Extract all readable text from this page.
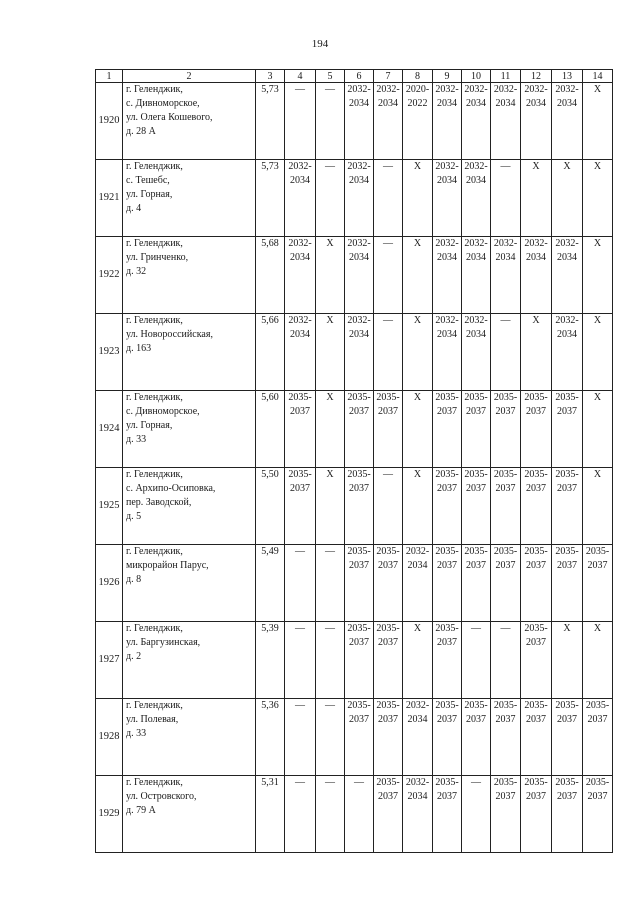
194
1	2	3	4	5	6	7	8	9	10	11	12	13	14
1920	г. Геленджик,
с. Дивноморское,
ул. Олега Кошевого,
д. 28 А	5,73	—	—	2032-
2034	2032-
2034	2020-
2022	2032-
2034	2032-
2034	2032-
2034	2032-
2034	2032-
2034	X

1921	г. Геленджик,
с. Тешебс,
ул. Горная,
д. 4	5,73	2032-
2034	—	2032-
2034	—	X	2032-
2034	2032-
2034	—	X	X	X

1922	г. Геленджик,
ул. Гринченко,
д. 32	5,68	2032-
2034	X	2032-
2034	—	X	2032-
2034	2032-
2034	2032-
2034	2032-
2034	2032-
2034	X

1923	г. Геленджик,
ул. Новороссийская,
д. 163	5,66	2032-
2034	X	2032-
2034	—	X	2032-
2034	2032-
2034	—	X	2032-
2034	X

1924	г. Геленджик,
с. Дивноморское,
ул. Горная,
д. 33	5,60	2035-
2037	X	2035-
2037	2035-
2037	X	2035-
2037	2035-
2037	2035-
2037	2035-
2037	2035-
2037	X

1925	г. Геленджик,
с. Архипо-Осиповка,
пер. Заводской,
д. 5	5,50	2035-
2037	X	2035-
2037	—	X	2035-
2037	2035-
2037	2035-
2037	2035-
2037	2035-
2037	X

1926	г. Геленджик,
микрорайон Парус,
д. 8	5,49	—	—	2035-
2037	2035-
2037	2032-
2034	2035-
2037	2035-
2037	2035-
2037	2035-
2037	2035-
2037	2035-
2037

1927	г. Геленджик,
ул. Баргузинская,
д. 2	5,39	—	—	2035-
2037	2035-
2037	X	2035-
2037	—	—	2035-
2037	X	X

1928	г. Геленджик,
ул. Полевая,
д. 33	5,36	—	—	2035-
2037	2035-
2037	2032-
2034	2035-
2037	2035-
2037	2035-
2037	2035-
2037	2035-
2037	2035-
2037

1929	г. Геленджик,
ул. Островского,
д. 79 А	5,31	—	—	—	2035-
2037	2032-
2034	2035-
2037	—	2035-
2037	2035-
2037	2035-
2037	2035-
2037
